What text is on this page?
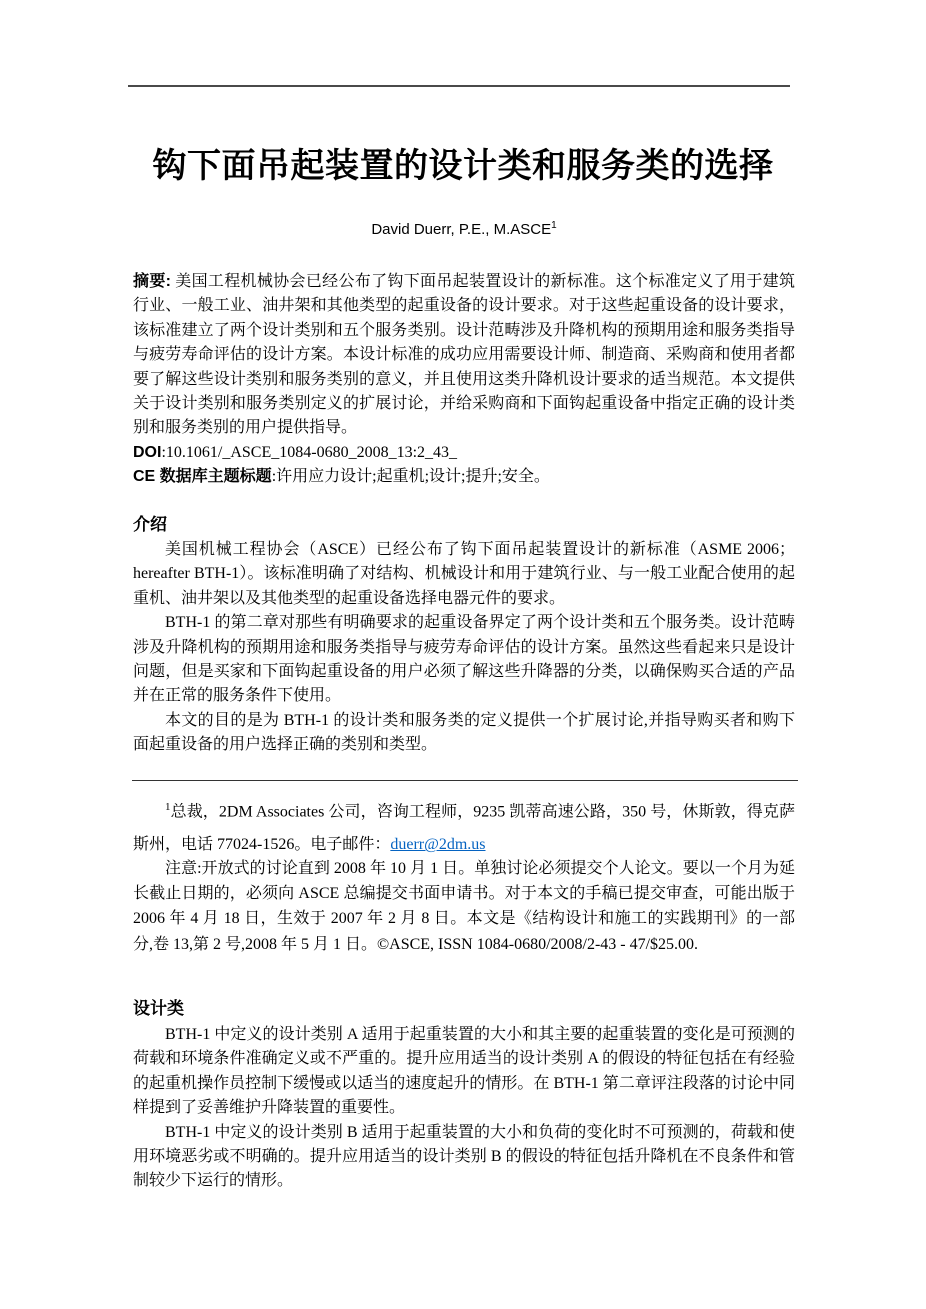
钩下面吊起装置的设计类和服务类的选择
David Duerr, P.E., M.ASCE$^1$

摘要: 美国工程机械协会已经公布了钩下面吊起装置设计的新标准。这个标准定义了用于建筑行业、一般工业、油井架和其他类型的起重设备的设计要求。对于这些起重设备的设计要求，该标准建立了两个设计类别和五个服务类别。设计范畴涉及升降机构的预期用途和服务类指导与疲劳寿命评估的设计方案。本设计标准的成功应用需要设计师、制造商、采购商和使用者都要了解这些设计类别和服务类别的意义，并且使用这类升降机设计要求的适当规范。本文提供关于设计类别和服务类别定义的扩展讨论，并给采购商和下面钩起重设备中指定正确的设计类别和服务类别的用户提供指导。

DOI:10.1061/_ASCE_1084-0680_2008_13:2_43_
CE 数据库主题标题:许用应力设计;起重机;设计;提升;安全。
介绍

美国机械工程协会（ASCE）已经公布了钩下面吊起装置设计的新标准（ASME 2006；hereafter BTH-1）。该标准明确了对结构、机械设计和用于建筑行业、与一般工业配合使用的起重机、油井架以及其他类型的起重设备选择电器元件的要求。

BTH-1 的第二章对那些有明确要求的起重设备界定了两个设计类和五个服务类。设计范畴涉及升降机构的预期用途和服务类指导与疲劳寿命评估的设计方案。虽然这些看起来只是设计问题，但是买家和下面钩起重设备的用户必须了解这些升降器的分类，以确保购买合适的产品并在正常的服务条件下使用。

本文的目的是为 BTH-1 的设计类和服务类的定义提供一个扩展讨论,并指导购买者和购下面起重设备的用户选择正确的类别和类型。

$^1$总裁，2DM Associates 公司，咨询工程师，9235 凯蒂高速公路，350 号，休斯敦，得克萨斯州，电话 77024-1526。电子邮件：duerr@2dm.us
注意:开放式的讨论直到 2008 年 10 月 1 日。单独讨论必须提交个人论文。要以一个月为延长截止日期的，必须向 ASCE 总编提交书面申请书。对于本文的手稿已提交审查，可能出版于 2006 年 4 月 18 日，生效于 2007 年 2 月 8 日。本文是《结构设计和施工的实践期刊》的一部分,卷 13,第 2 号,2008 年 5 月 1 日。©ASCE, ISSN 1084-0680/2008/2-43 - 47/$25.00.
设计类

BTH-1 中定义的设计类别 A 适用于起重装置的大小和其主要的起重装置的变化是可预测的 荷载和环境条件准确定义或不严重的。提升应用适当的设计类别 A 的假设的特征包括在有经验的起重机操作员控制下缓慢或以适当的速度起升的情形。在 BTH-1 第二章评注段落的讨论中同样提到了妥善维护升降装置的重要性。

BTH-1 中定义的设计类别 B 适用于起重装置的大小和负荷的变化时不可预测的，荷载和使用环境恶劣或不明确的。提升应用适当的设计类别 B 的假设的特征包括升降机在不良条件和管制较少下运行的情形。
